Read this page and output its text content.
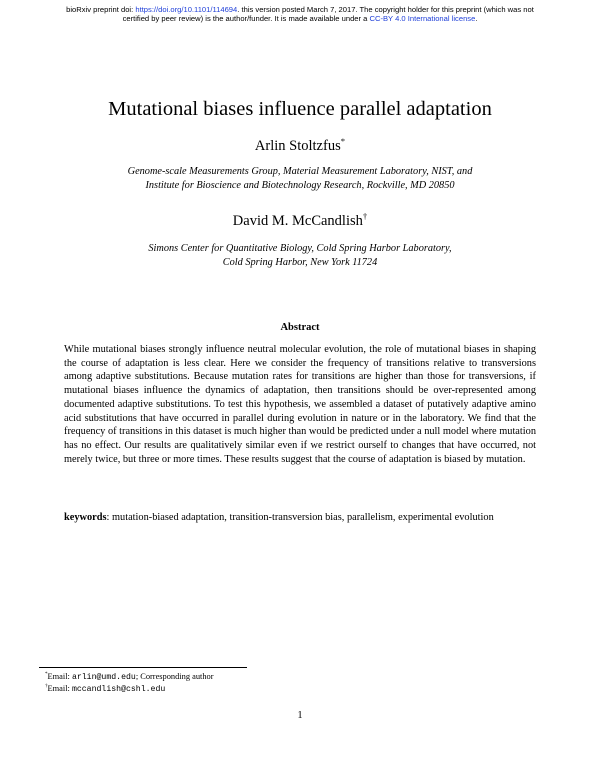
bioRxiv preprint doi: https://doi.org/10.1101/114694. this version posted March 7, 2017. The copyright holder for this preprint (which was not
certified by peer review) is the author/funder. It is made available under a CC-BY 4.0 International license.
Mutational biases influence parallel adaptation
Arlin Stoltzfus*
Genome-scale Measurements Group, Material Measurement Laboratory, NIST, and
Institute for Bioscience and Biotechnology Research, Rockville, MD 20850
David M. McCandlish†
Simons Center for Quantitative Biology, Cold Spring Harbor Laboratory,
Cold Spring Harbor, New York 11724
Abstract

While mutational biases strongly influence neutral molecular evolution, the role of mutational biases in shaping the course of adaptation is less clear. Here we consider the frequency of transitions relative to transversions among adaptive substitutions. Because mutation rates for transitions are higher than those for transversions, if mutational biases influence the dynamics of adaptation, then transitions should be over-represented among documented adaptive substitutions. To test this hypothesis, we assembled a dataset of putatively adaptive amino acid substitutions that have occurred in parallel during evolution in nature or in the laboratory. We find that the frequency of transitions in this dataset is much higher than would be predicted under a null model where mutation has no effect. Our results are qualitatively similar even if we restrict ourself to changes that have occurred, not merely twice, but three or more times. These results suggest that the course of adaptation is biased by mutation.

keywords: mutation-biased adaptation, transition-transversion bias, parallelism, experimental evolution

*Email: arlin@umd.edu; Corresponding author
†Email: mccandlish@cshl.edu
1
